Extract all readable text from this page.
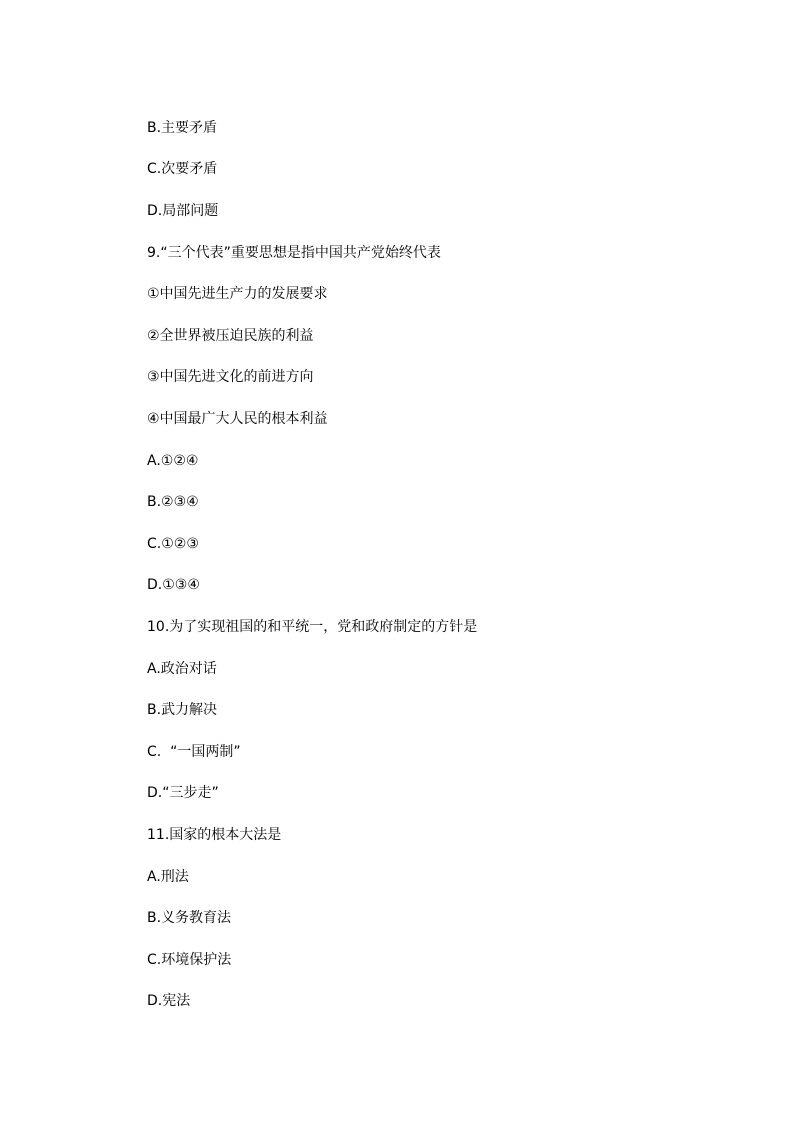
B.主要矛盾
C.次要矛盾
D.局部问题
9.“三个代表”重要思想是指中国共产党始终代表
①中国先进生产力的发展要求
②全世界被压迫民族的利益
③中国先进文化的前进方向
④中国最广大人民的根本利益
A.①②④
B.②③④
C.①②③
D.①③④
10.为了实现祖国的和平统一，党和政府制定的方针是
A.政治对话
B.武力解决
C.  “一国两制”
D.“三步走”
11.国家的根本大法是
A.刑法
B.义务教育法
C.环境保护法
D.宪法
